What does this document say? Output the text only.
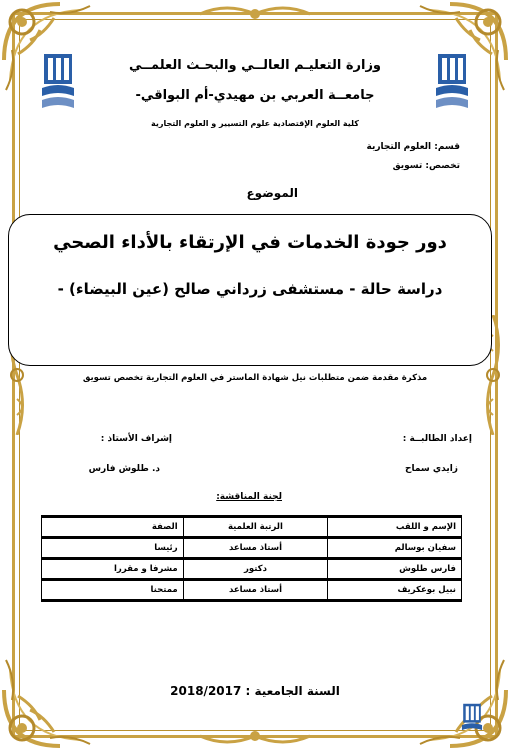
وزارة التعليـم العالــي والبحـث العلمــي
جامعــة العربي بن مهيدي-أم البواقي-
كلية العلوم الإقتصادية علوم التسيير و العلوم التجارية
قسم: العلوم التجارية
تخصص: تسويق
الموضوع
دور جودة الخدمات في الإرتقاء بالأداء الصحي
دراسة حالة - مستشفى زرداني صالح (عين البيضاء) -
مذكرة مقدمة ضمن متطلبات نيل شهادة الماستر في العلوم التجارية تخصص تسويق
إعداد الطالبــة :
زايدي سماح
إشراف الأستاذ :
د. طلوش فارس
لجنة المناقشة:
الإسم و اللقب	الرتبة العلمية	الصفة
سفيان بوسالم	أستاذ مساعد	رئيسا
فارس طلوش	دكتور	مشرفا و مقررا
نبيل بوعكريف	أستاذ مساعد	ممتحنا
السنة الجامعية : 2018/2017
